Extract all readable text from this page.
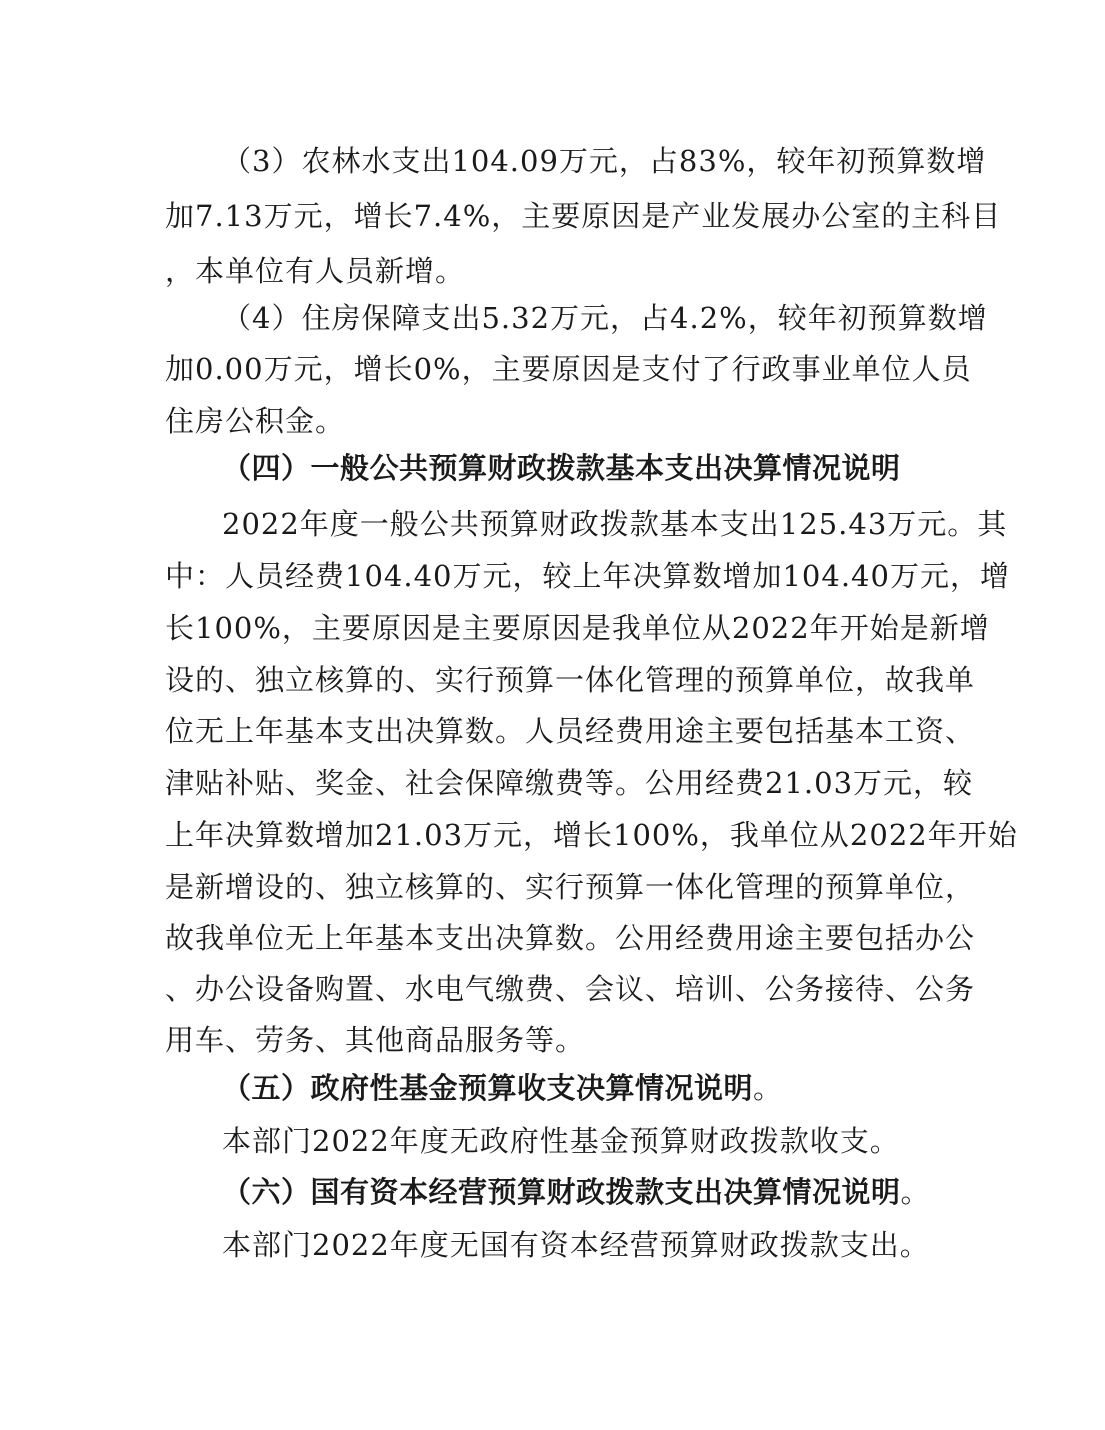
（3）农林水支出104.09万元，占83%，较年初预算数增
加7.13万元，增长7.4%，主要原因是产业发展办公室的主科目
，本单位有人员新增。
（4）住房保障支出5.32万元，占4.2%，较年初预算数增
加0.00万元，增长0%，主要原因是支付了行政事业单位人员
住房公积金。
（四）一般公共预算财政拨款基本支出决算情况说明
2022年度一般公共预算财政拨款基本支出125.43万元。其
中：人员经费104.40万元，较上年决算数增加104.40万元，增
长100%，主要原因是主要原因是我单位从2022年开始是新增
设的、独立核算的、实行预算一体化管理的预算单位，故我单
位无上年基本支出决算数。人员经费用途主要包括基本工资、
津贴补贴、奖金、社会保障缴费等。公用经费21.03万元，较
上年决算数增加21.03万元，增长100%，我单位从2022年开始
是新增设的、独立核算的、实行预算一体化管理的预算单位，
故我单位无上年基本支出决算数。公用经费用途主要包括办公
、办公设备购置、水电气缴费、会议、培训、公务接待、公务
用车、劳务、其他商品服务等。
（五）政府性基金预算收支决算情况说明。
本部门2022年度无政府性基金预算财政拨款收支。
（六）国有资本经营预算财政拨款支出决算情况说明。
本部门2022年度无国有资本经营预算财政拨款支出。
